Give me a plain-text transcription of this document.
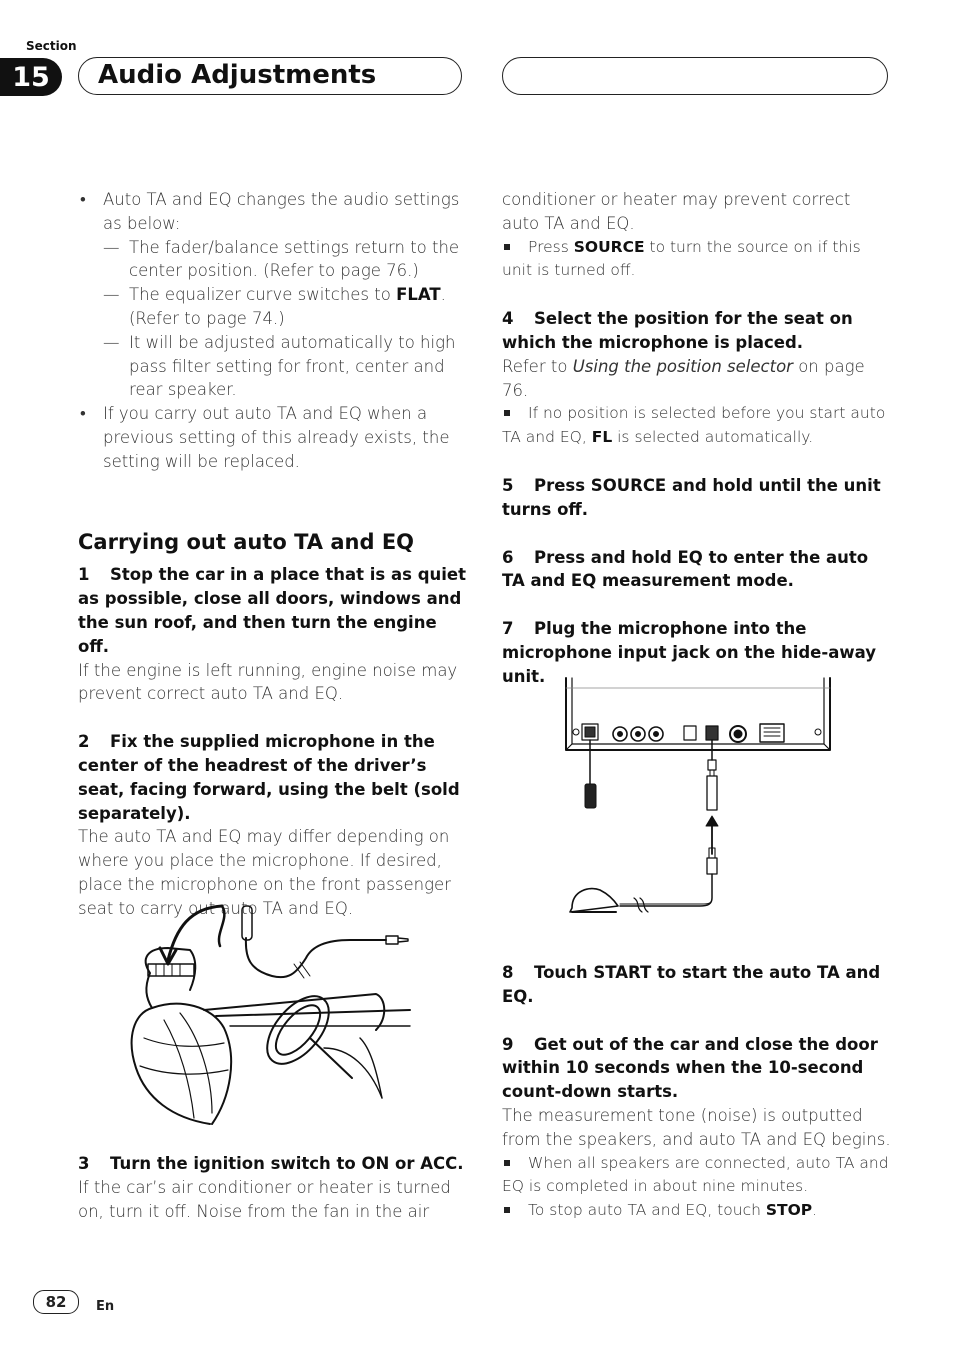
Section
15	Audio Adjustments

• Auto TA and EQ changes the audio settings as below:

— The fader/balance settings return to the center position. (Refer to page 76.)

— The equalizer curve switches to FLAT. (Refer to page 74.)

— It will be adjusted automatically to high pass filter setting for front, center and rear speaker.

• If you carry out auto TA and EQ when a previous setting of this already exists, the setting will be replaced.

Carrying out auto TA and EQ

1 Stop the car in a place that is as quiet as possible, close all doors, windows and the sun roof, and then turn the engine off.

If the engine is left running, engine noise may prevent correct auto TA and EQ.

2 Fix the supplied microphone in the center of the headrest of the driver’s seat, facing forward, using the belt (sold separately).

The auto TA and EQ may differ depending on where you place the microphone. If desired, place the microphone on the front passenger seat to carry out auto TA and EQ.

3 Turn the ignition switch to ON or ACC.

If the car’s air conditioner or heater is turned on, turn it off. Noise from the fan in the air

conditioner or heater may prevent correct auto TA and EQ.

Press SOURCE to turn the source on if this unit is turned off.

4 Select the position for the seat on which the microphone is placed.

Refer to Using the position selector on page 76.

If no position is selected before you start auto TA and EQ, FL is selected automatically.

5 Press SOURCE and hold until the unit turns off.

6 Press and hold EQ to enter the auto TA and EQ measurement mode.

7 Plug the microphone into the microphone input jack on the hide-away unit.

8 Touch START to start the auto TA and EQ.

9 Get out of the car and close the door within 10 seconds when the 10-second count-down starts.

The measurement tone (noise) is outputted from the speakers, and auto TA and EQ begins.

When all speakers are connected, auto TA and EQ is completed in about nine minutes.

To stop auto TA and EQ, touch STOP.

82	En
